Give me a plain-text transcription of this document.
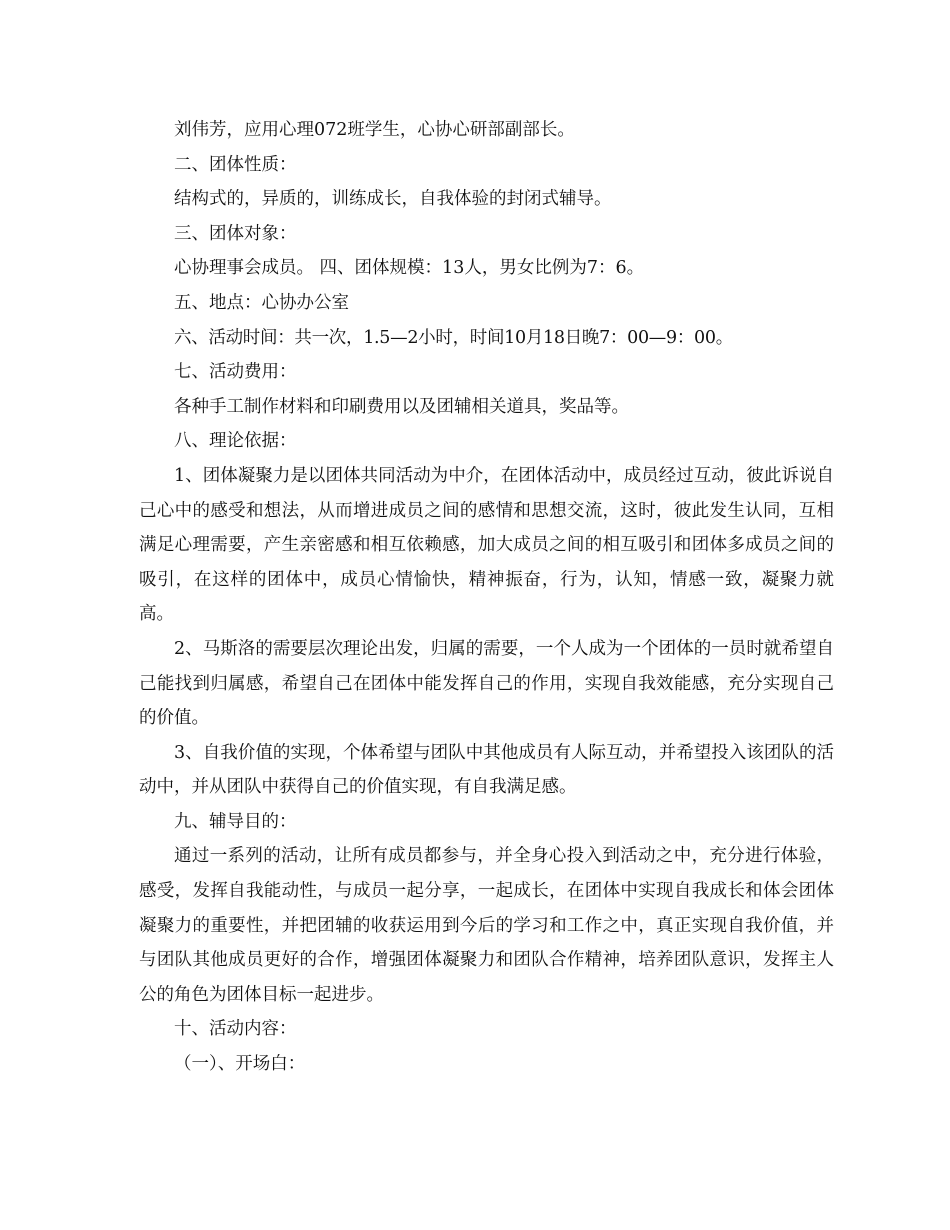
刘伟芳，应用心理072班学生，心协心研部副部长。

二、团体性质：

结构式的，异质的，训练成长，自我体验的封闭式辅导。

三、团体对象：

心协理事会成员。 四、团体规模：13人，男女比例为7：6。

五、地点：心协办公室

六、活动时间：共一次，1.5—2小时，时间10月18日晚7：00—9：00。

七、活动费用：

各种手工制作材料和印刷费用以及团辅相关道具，奖品等。

八、理论依据：

1、团体凝聚力是以团体共同活动为中介，在团体活动中，成员经过互动，彼此诉说自己心中的感受和想法，从而增进成员之间的感情和思想交流，这时，彼此发生认同，互相满足心理需要，产生亲密感和相互依赖感，加大成员之间的相互吸引和团体多成员之间的吸引，在这样的团体中，成员心情愉快，精神振奋，行为，认知，情感一致，凝聚力就高。

2、马斯洛的需要层次理论出发，归属的需要，一个人成为一个团体的一员时就希望自己能找到归属感，希望自己在团体中能发挥自己的作用，实现自我效能感，充分实现自己的价值。

3、自我价值的实现，个体希望与团队中其他成员有人际互动，并希望投入该团队的活动中，并从团队中获得自己的价值实现，有自我满足感。

九、辅导目的：

通过一系列的活动，让所有成员都参与，并全身心投入到活动之中，充分进行体验，感受，发挥自我能动性，与成员一起分享，一起成长，在团体中实现自我成长和体会团体凝聚力的重要性，并把团辅的收获运用到今后的学习和工作之中，真正实现自我价值，并与团队其他成员更好的合作，增强团体凝聚力和团队合作精神，培养团队意识，发挥主人公的角色为团体目标一起进步。

十、活动内容：

（一）、开场白：
